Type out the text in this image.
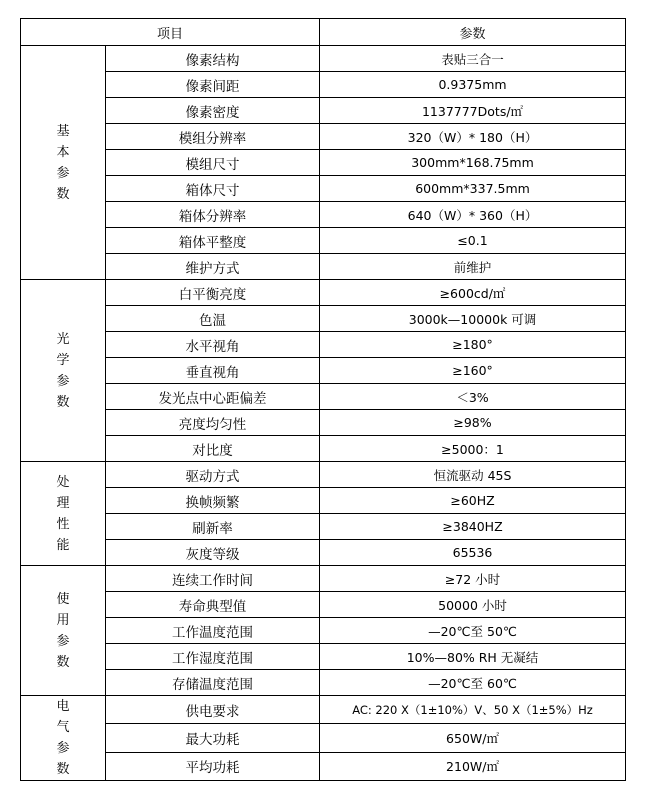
项目		参数

基
本
参
数	像素结构	表贴三合一
	像素间距	0.9375mm
	像素密度	1137777Dots/㎡
	模组分辨率	320（W）* 180（H）
	模组尺寸	300mm*168.75mm
	箱体尺寸	600mm*337.5mm
	箱体分辨率	640（W）* 360（H）
	箱体平整度	≤0.1
	维护方式	前维护

光
学
参
数	白平衡亮度	≥600cd/㎡
	色温	3000k—10000k 可调
	水平视角	≥180°
	垂直视角	≥160°
	发光点中心距偏差	＜3%
	亮度均匀性	≥98%
	对比度	≥5000：1

处
理
性
能	驱动方式	恒流驱动 45S
	换帧频繁	≥60HZ
	刷新率	≥3840HZ
	灰度等级	65536

使
用
参
数	连续工作时间	≥72 小时
	寿命典型值	50000 小时
	工作温度范围	—20℃至 50℃
	工作湿度范围	10%—80% RH 无凝结
	存储温度范围	—20℃至 60℃

电
气
参
数	供电要求	AC: 220 X（1±10%）V、50 X（1±5%）Hz
	最大功耗	650W/㎡
	平均功耗	210W/㎡
